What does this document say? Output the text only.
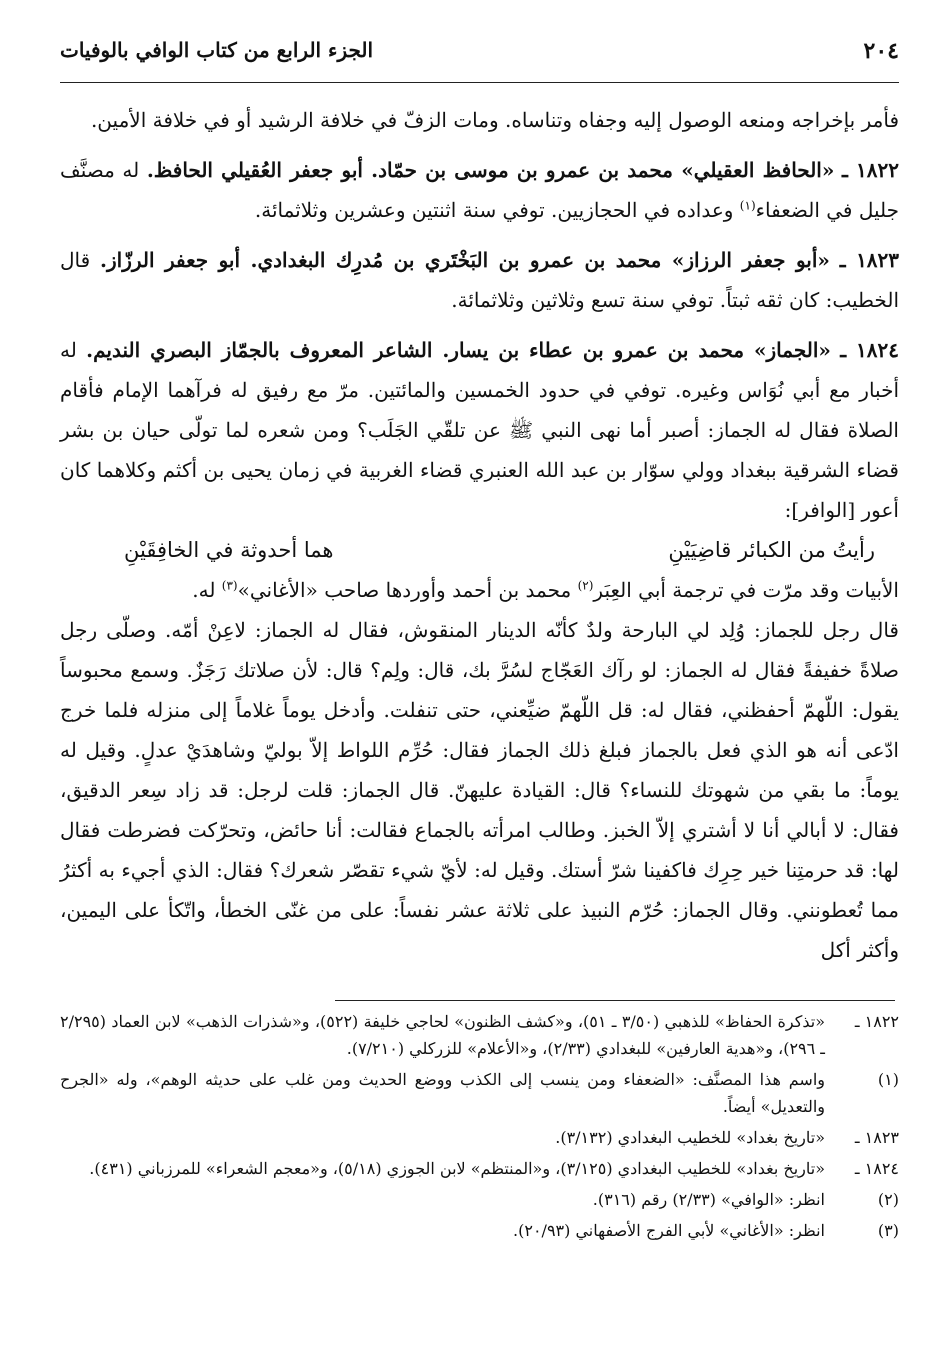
٢٠٤
الجزء الرابع من كتاب الوافي بالوفيات

فأمر بإخراجه ومنعه الوصول إليه وجفاه وتناساه. ومات الزفّ في خلافة الرشيد أو في خلافة الأمين.

١٨٢٢ ـ «الحافظ العقيلي» محمد بن عمرو بن موسى بن حمّاد. أبو جعفر العُقيلي الحافظ. له مصنَّف جليل في الضعفاء$^{(١)}$ وعداده في الحجازيين. توفي سنة اثنتين وعشرين وثلاثمائة.

١٨٢٣ ـ «أبو جعفر الرزاز» محمد بن عمرو بن البَخْتَري بن مُدرِك البغدادي. أبو جعفر الرزّاز. قال الخطيب: كان ثقه ثبتاً. توفي سنة تسع وثلاثين وثلاثمائة.

١٨٢٤ ـ «الجماز» محمد بن عمرو بن عطاء بن يسار. الشاعر المعروف بالجمّاز البصري النديم. له أخبار مع أبي نُوَاس وغيره. توفي في حدود الخمسين والمائتين. مرّ مع رفيق له فرآهما الإمام فأقام الصلاة فقال له الجماز: أصبر أما نهى النبي ﷺ عن تلقّي الجَلَب؟ ومن شعره لما تولّى حيان بن بشر قضاء الشرقية ببغداد وولي سوّار بن عبد الله العنبري قضاء الغربية في زمان يحيى بن أكثم وكلاهما كان أعور [الوافر]:

رأيتُ من الكبائر قاضِيَيْنِ
هما أحدوثة في الخافِقَيْنِ

الأبيات وقد مرّت في ترجمة أبي العِبَر$^{(٢)}$ محمد بن أحمد وأوردها صاحب «الأغاني»$^{(٣)}$ له.

قال رجل للجماز: وُلِد لي البارحة ولدٌ كأنّه الدينار المنقوش، فقال له الجماز: لاعِنْ أمّه. وصلّى رجل صلاةً خفيفةً فقال له الجماز: لو رآك العَجّاج لسُرَّ بك، قال: ولِم؟ قال: لأن صلاتك رَجَزٌ. وسمع محبوساً يقول: اللّهمّ أحفظني، فقال له: قل اللّهمّ ضيِّعني، حتى تنفلت. وأدخل يوماً غلاماً إلى منزله فلما خرج ادّعى أنه هو الذي فعل بالجماز فبلغ ذلك الجماز فقال: حُرِّم اللواط إلاّ بوليّ وشاهدَيْ عدلٍ. وقيل له يوماً: ما بقي من شهوتك للنساء؟ قال: القيادة عليهنّ. قال الجماز: قلت لرجل: قد زاد سِعر الدقيق، فقال: لا أبالي أنا لا أشتري إلاّ الخبز. وطالب امرأته بالجماع فقالت: أنا حائض، وتحرّكت فضرطت فقال لها: قد حرمتِنا خير حِرِك فاكفينا شرّ أستك. وقيل له: لأيّ شيء تقصّر شعرك؟ فقال: الذي أجيء به أكثرُ مما تُعطونني. وقال الجماز: حُرّم النبيذ على ثلاثة عشر نفساً: على من غنّى الخطأ، واتّكأ على اليمين، وأكثر أكل

١٨٢٢ ـ
«تذكرة الحفاظ» للذهبي (٣/٥٠ ـ ٥١)، و«كشف الظنون» لحاجي خليفة (٥٢٢)، و«شذرات الذهب» لابن العماد (٢/٢٩٥ ـ ٢٩٦)، و«هدية العارفين» للبغدادي (٢/٣٣)، و«الأعلام» للزركلي (٧/٢١٠).
(١)
واسم هذا المصنَّف: «الضعفاء ومن ينسب إلى الكذب ووضع الحديث ومن غلب على حديثه الوهم»، وله «الجرح والتعديل» أيضاً.
١٨٢٣ ـ
«تاريخ بغداد» للخطيب البغدادي (٣/١٣٢).
١٨٢٤ ـ
«تاريخ بغداد» للخطيب البغدادي (٣/١٢٥)، و«المنتظم» لابن الجوزي (٥/١٨)، و«معجم الشعراء» للمرزباني (٤٣١).
(٢)
انظر: «الوافي» (٢/٣٣) رقم (٣١٦).
(٣)
انظر: «الأغاني» لأبي الفرج الأصفهاني (٢٠/٩٣).
